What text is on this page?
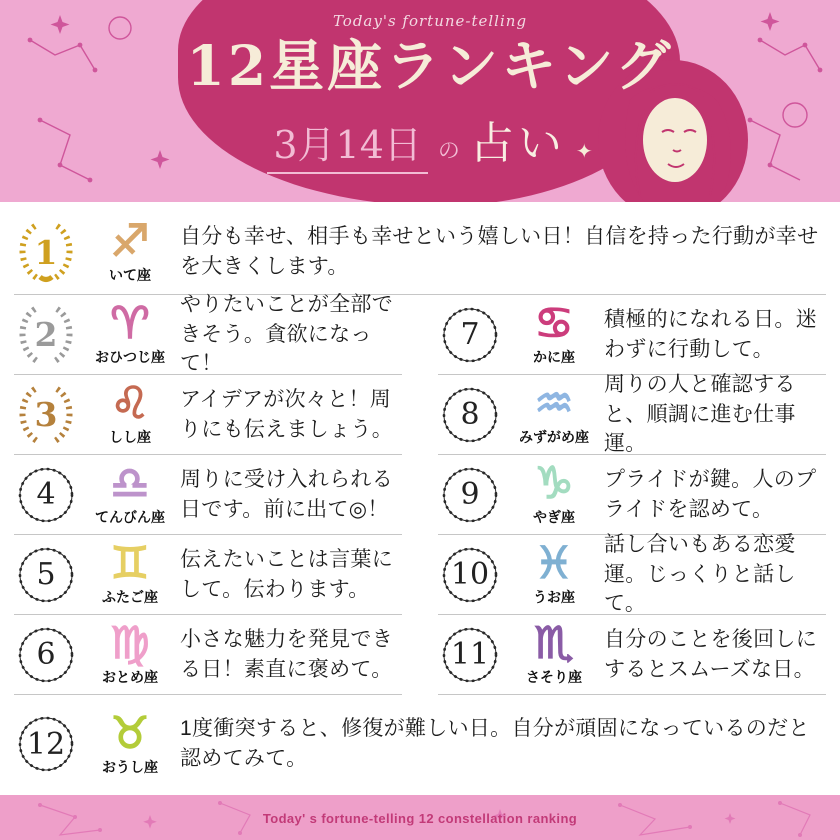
Today's fortune-telling
12星座ランキング
3月14日 の 占い ✦
1	♐
いて座

自分も幸せ、相手も幸せという嬉しい日！自信を持った行動が幸せを大きくします。

2	♈
おひつじ座

やりたいことが全部できそう。貪欲になって！

3	♌
しし座

アイデアが次々と！周りにも伝えましょう。

4	♎
てんびん座

周りに受け入れられる日です。前に出て◎！

5	♊
ふたご座

伝えたいことは言葉にして。伝わります。

6	♍
おとめ座

小さな魅力を発見できる日！素直に褒めて。

7	♋
かに座

積極的になれる日。迷わずに行動して。

8	♒
みずがめ座

周りの人と確認すると、順調に進む仕事運。

9	♑
やぎ座

プライドが鍵。人のプライドを認めて。

10 ♓
うお座

話し合いもある恋愛運。じっくりと話して。

11 ♏
さそり座

自分のことを後回しにするとスムーズな日。

12 ♉
おうし座

1度衝突すると、修復が難しい日。自分が頑固になっているのだと認めてみて。

Today' s fortune-telling 12 constellation ranking
